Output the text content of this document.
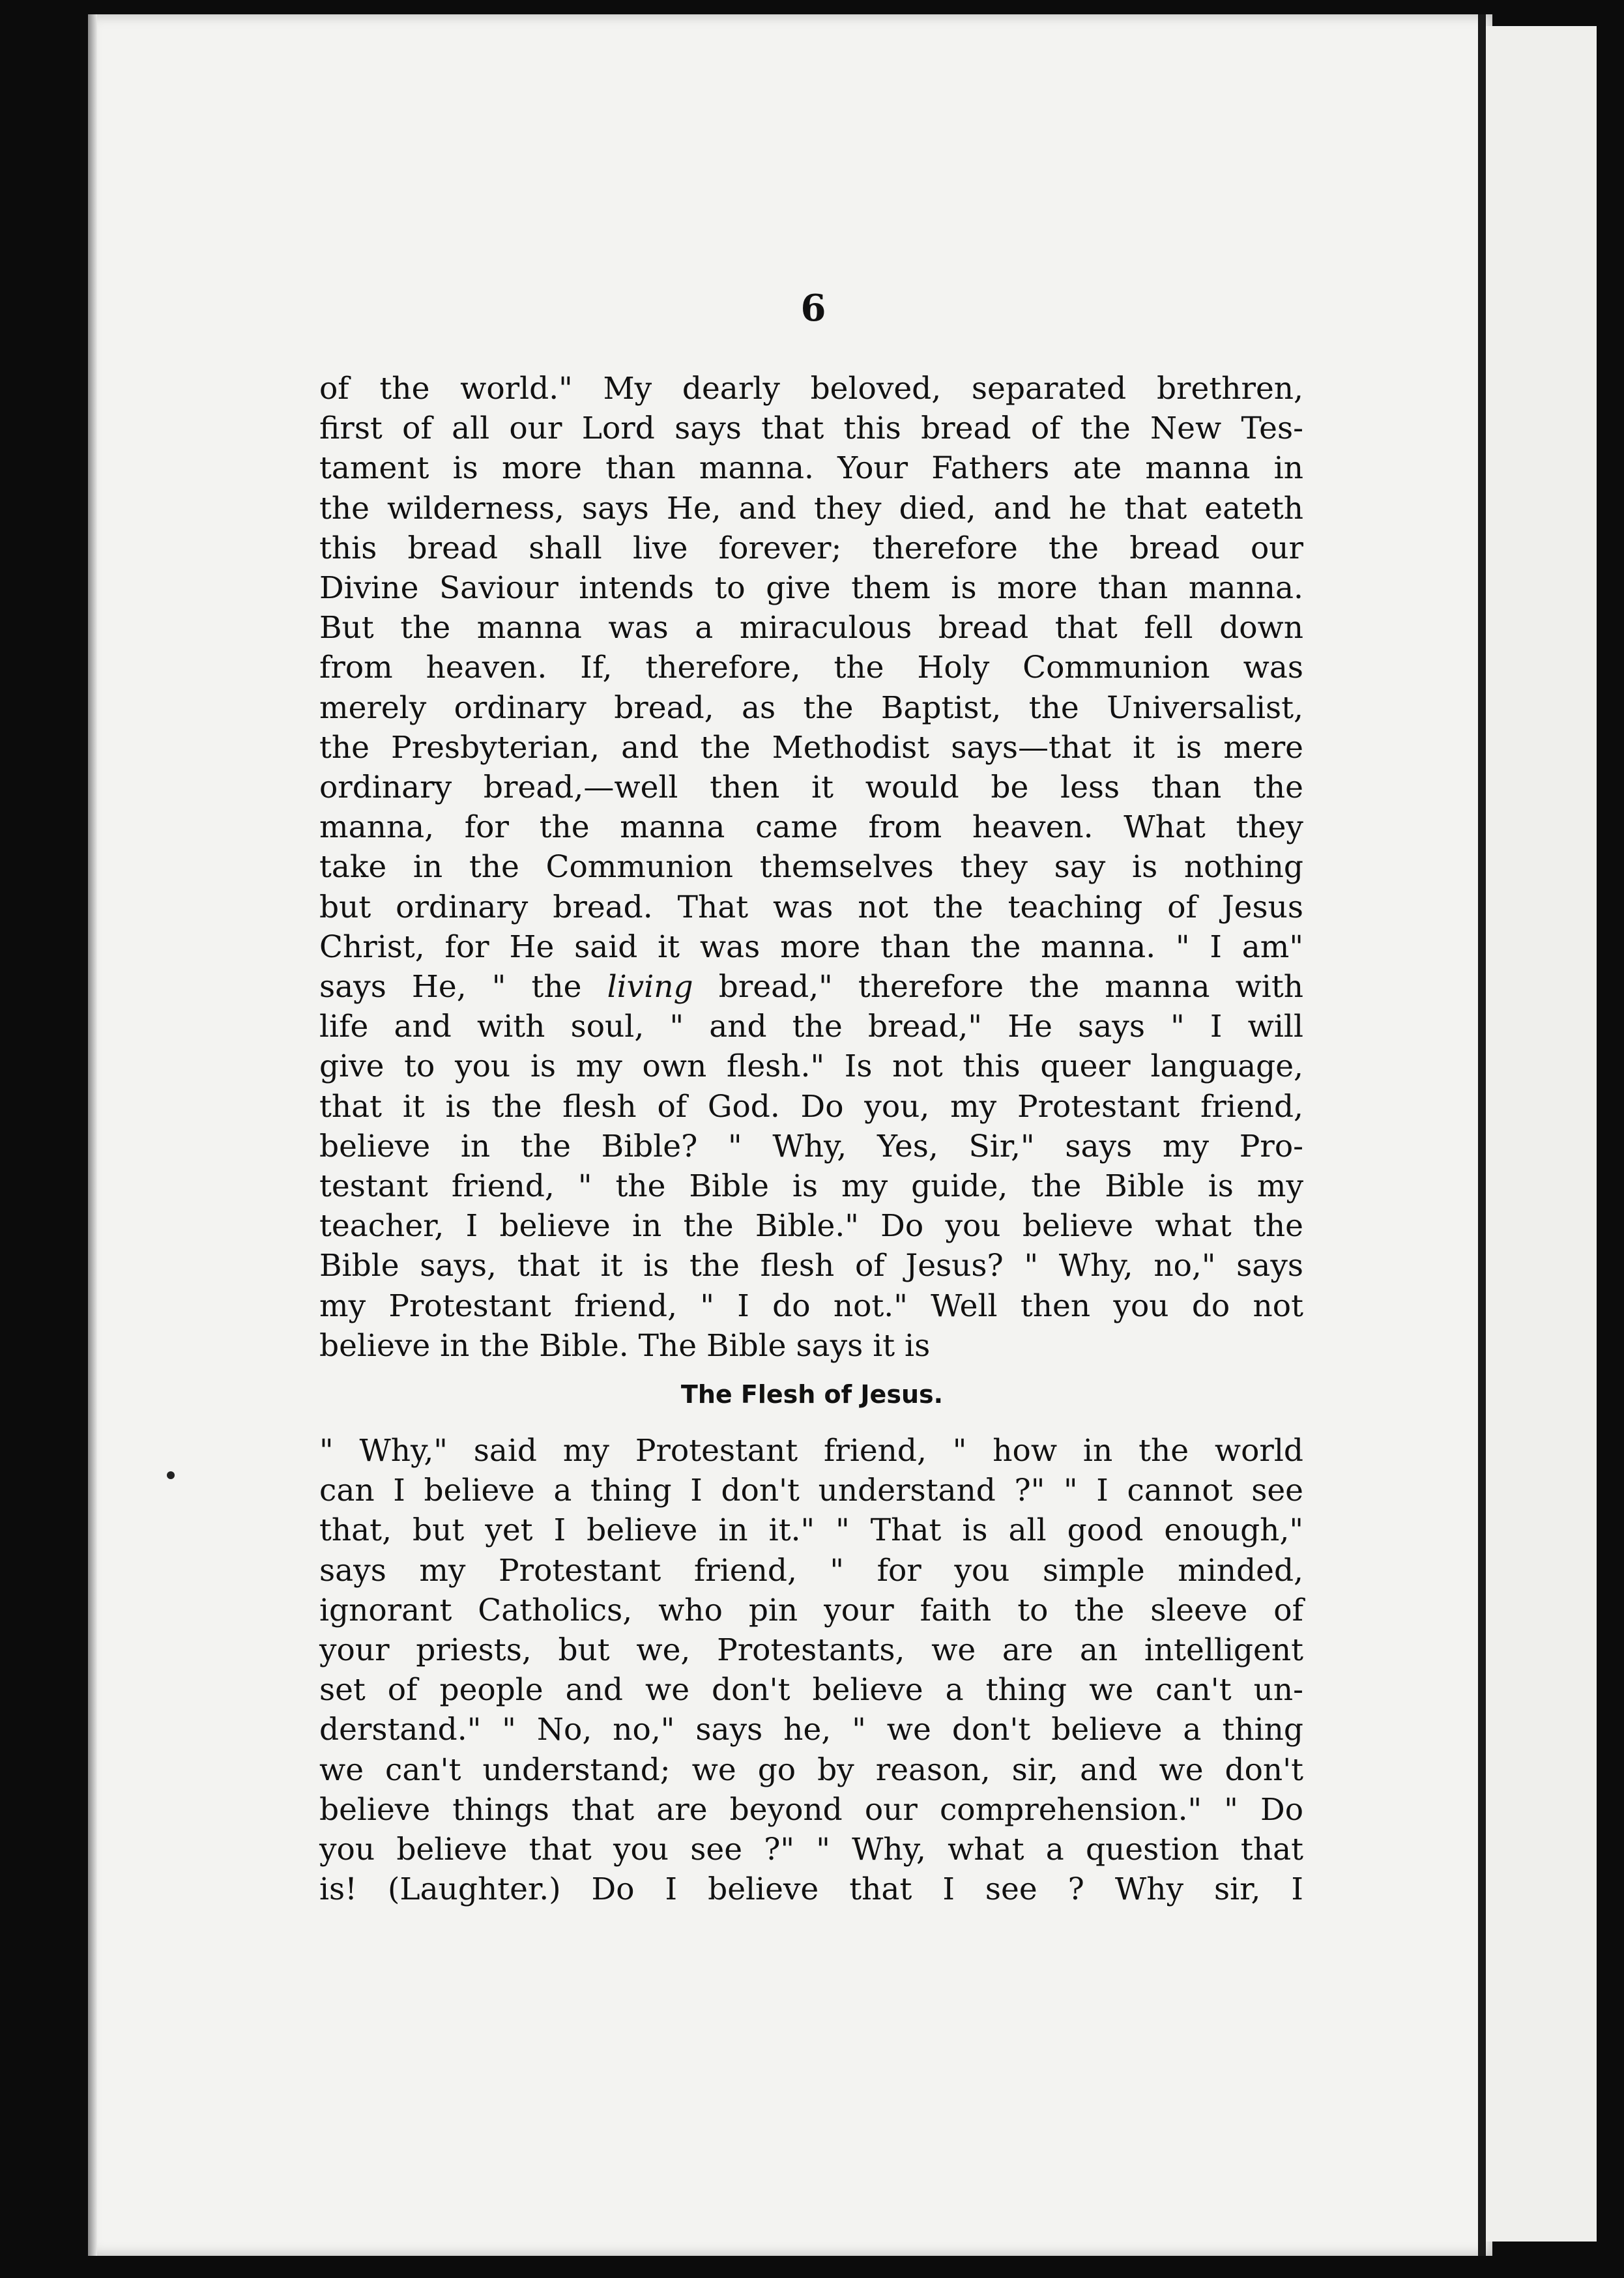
6
of the world." My dearly beloved, separated brethren,
first of all our Lord says that this bread of the New Tes-
tament is more than manna. Your Fathers ate manna in
the wilderness, says He, and they died, and he that eateth
this bread shall live forever; therefore the bread our
Divine Saviour intends to give them is more than manna.
But the manna was a miraculous bread that fell down
from heaven. If, therefore, the Holy Communion was
merely ordinary bread, as the Baptist, the Universalist,
the Presbyterian, and the Methodist says—that it is mere
ordinary bread,—well then it would be less than the
manna, for the manna came from heaven. What they
take in the Communion themselves they say is nothing
but ordinary bread. That was not the teaching of Jesus
Christ, for He said it was more than the manna. " I am"
says He, " the living bread," therefore the manna with
life and with soul, " and the bread," He says " I will
give to you is my own flesh." Is not this queer language,
that it is the flesh of God. Do you, my Protestant friend,
believe in the Bible? " Why, Yes, Sir," says my Pro-
testant friend, " the Bible is my guide, the Bible is my
teacher, I believe in the Bible." Do you believe what the
Bible says, that it is the flesh of Jesus? " Why, no," says
my Protestant friend, " I do not." Well then you do not
believe in the Bible. The Bible says it is
The Flesh of Jesus.
" Why," said my Protestant friend, " how in the world
can I believe a thing I don't understand ?" " I cannot see
that, but yet I believe in it." " That is all good enough,"
says my Protestant friend, " for you simple minded,
ignorant Catholics, who pin your faith to the sleeve of
your priests, but we, Protestants, we are an intelligent
set of people and we don't believe a thing we can't un-
derstand." " No, no," says he, " we don't believe a thing
we can't understand; we go by reason, sir, and we don't
believe things that are beyond our comprehension." " Do
you believe that you see ?" " Why, what a question that
is! (Laughter.) Do I believe that I see ? Why sir, I
